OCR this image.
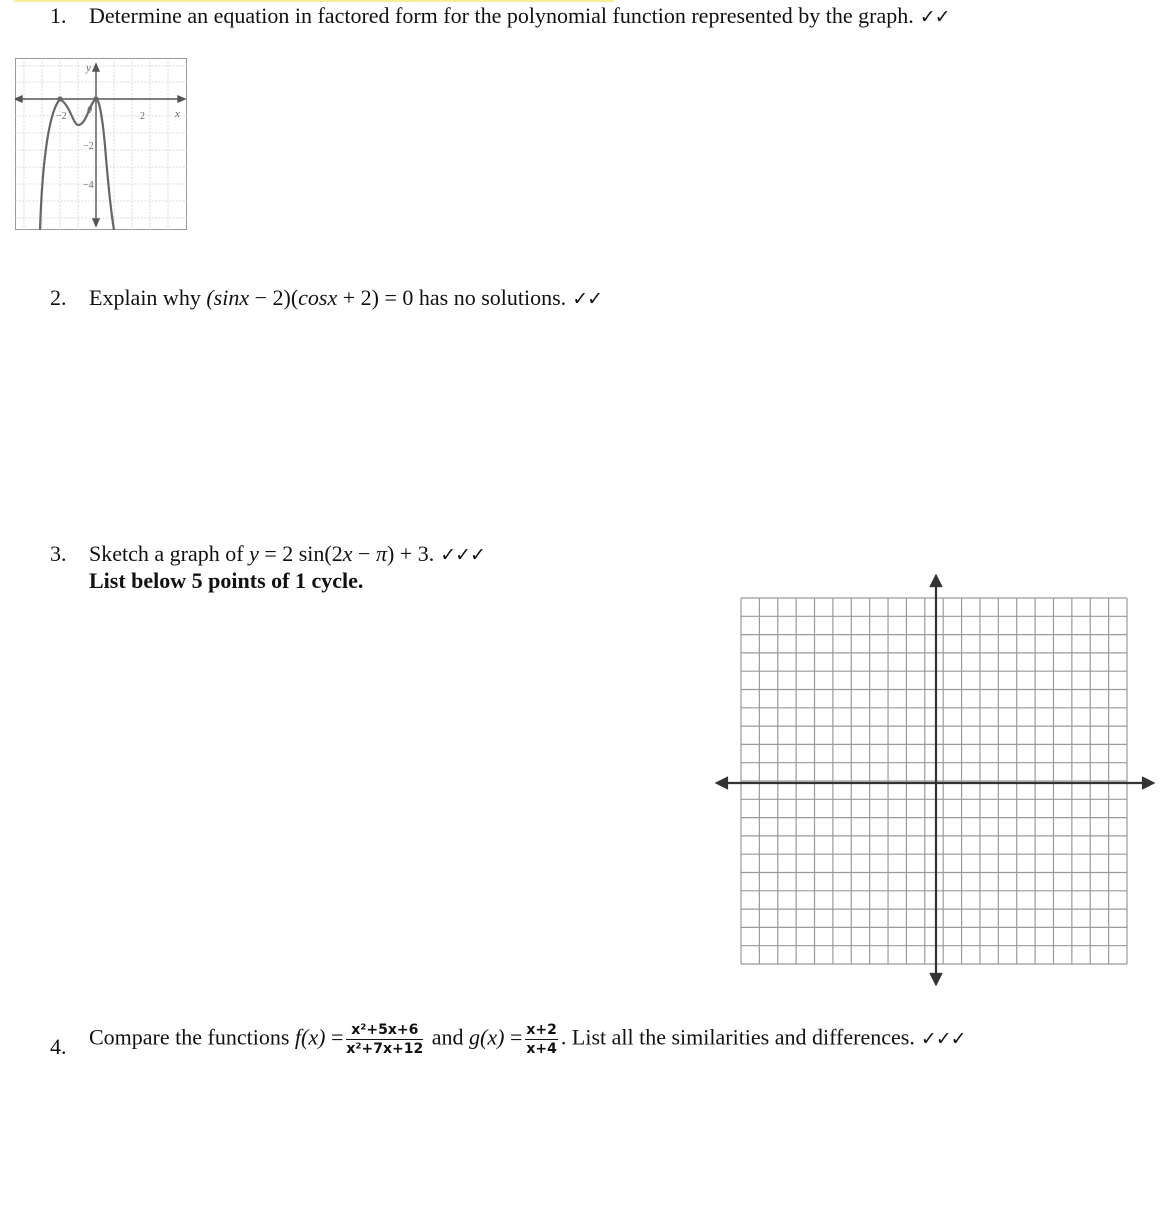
1. Determine an equation in factored form for the polynomial function represented by the graph. ✓✓
y
x
−2
0
2
−2
−4
2. Explain why (sinx − 2)(cosx + 2) = 0 has no solutions. ✓✓
3. Sketch a graph of y = 2 sin(2x − π) + 3. ✓✓✓
List below 5 points of 1 cycle.
4. Compare the functions $f(x) = \frac{\text{x²+5x+6}}{\text{x²+7x+12}}$ and $g(x) = \frac{x+2}{x+4}$ . List all the similarities and differences. ✓✓✓
